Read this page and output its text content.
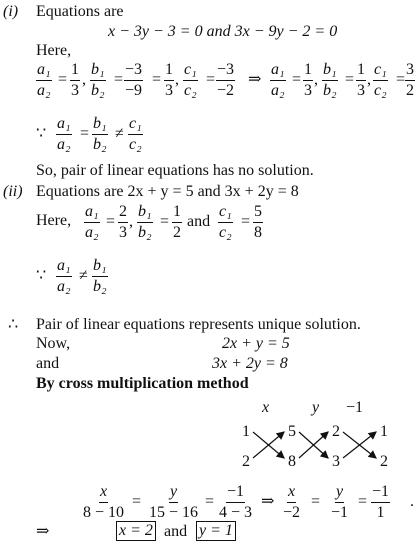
(i) Equations are
x − 3y − 3 = 0 and 3x − 9y − 2 = 0
Here,
$\frac{\text{a₁}}{\text{a₂}} = \frac{1}{3}$ , $\frac{\text{b₁}}{\text{b₂}} = \frac{-3}{-9} = \frac{1}{3}$ , $\frac{\text{c₁}}{\text{c₂}} = \frac{-3}{-2}$ ⇒ $\frac{\text{a₁}}{\text{a₂}} = \frac{1}{3}$ , $\frac{\text{b₁}}{\text{b₂}} = \frac{1}{3}$ , $\frac{\text{c₁}}{\text{c₂}} = \frac{3}{2}$
∵ $\frac{\text{a₁}}{\text{a₂}} = \frac{\text{b₁}}{\text{b₂}} \ne \frac{\text{c₁}}{\text{c₂}}$
So, pair of linear equations has no solution.
(ii) Equations are 2x + y = 5 and 3x + 2y = 8
Here, $\frac{\text{a₁}}{\text{a₂}} = \frac{2}{3}$ , $\frac{\text{b₁}}{\text{b₂}} = \frac{1}{2}$ and $\frac{\text{c₁}}{\text{c₂}} = \frac{5}{8}$
∵ $\frac{\text{a₁}}{\text{a₂}} \ne \frac{\text{b₁}}{\text{b₂}}$
∴ Pair of linear equations represents unique solution.
Now,	2x + y = 5
and	3x + 2y = 8
By cross multiplication method
x	y −1
1 5 2	1
2 8 3	2
$\frac{x}{8 - 10} = \frac{y}{15 - 16} = \frac{-1}{4 - 3}$ ⇒ $\frac{x}{-2} = \frac{y}{-1} = \frac{-1}{1}$ .
⇒	x = 2 and y = 1
